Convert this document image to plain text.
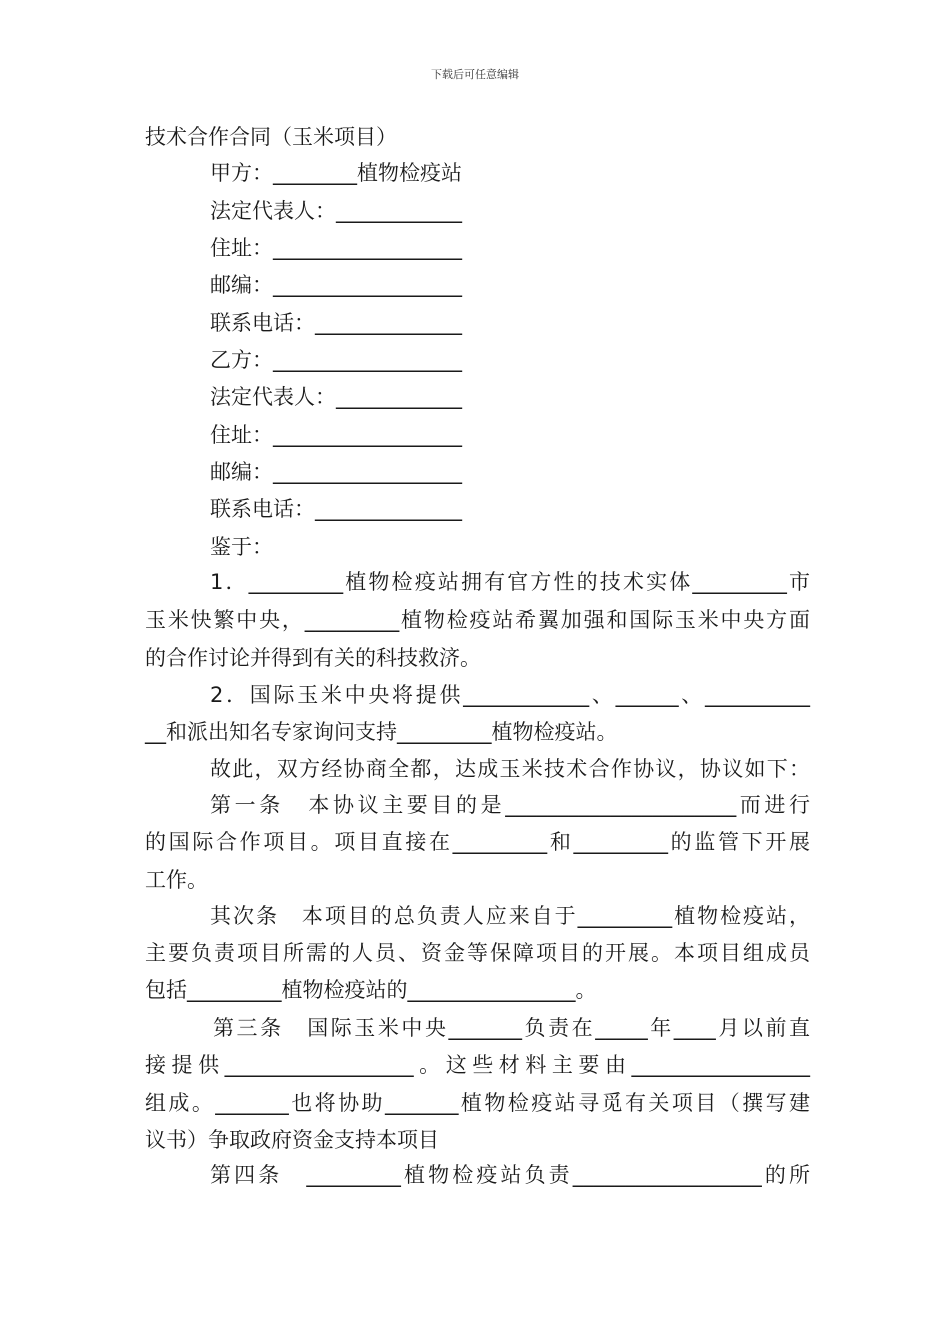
下载后可任意编辑
技术合作合同（玉米项目）
甲方：________植物检疫站
法定代表人：____________
住址：__________________
邮编：__________________
联系电话：______________
乙方：__________________
法定代表人：____________
住址：__________________
邮编：__________________
联系电话：______________
鉴于：
1．_________植物检疫站拥有官方性的技术实体_________市
玉米快繁中央，_________植物检疫站希翼加强和国际玉米中央方面
的合作讨论并得到有关的科技救济。
2．国际玉米中央将提供____________、______、__________
__和派出知名专家询问支持_________植物检疫站。
故此，双方经协商全都，达成玉米技术合作协议，协议如下：
第一条　本协议主要目的是______________________而进行
的国际合作项目。项目直接在_________和_________的监管下开展
工作。
其次条　本项目的总负责人应来自于_________植物检疫站，
主要负责项目所需的人员、资金等保障项目的开展。本项目组成员
包括_________植物检疫站的________________。
第三条　国际玉米中央_______负责在_____年____月以前直
接提供__________________。这些材料主要由_________________
组成。_______也将协助_______植物检疫站寻觅有关项目（撰写建
议书）争取政府资金支持本项目
第四条　_________植物检疫站负责__________________的所
